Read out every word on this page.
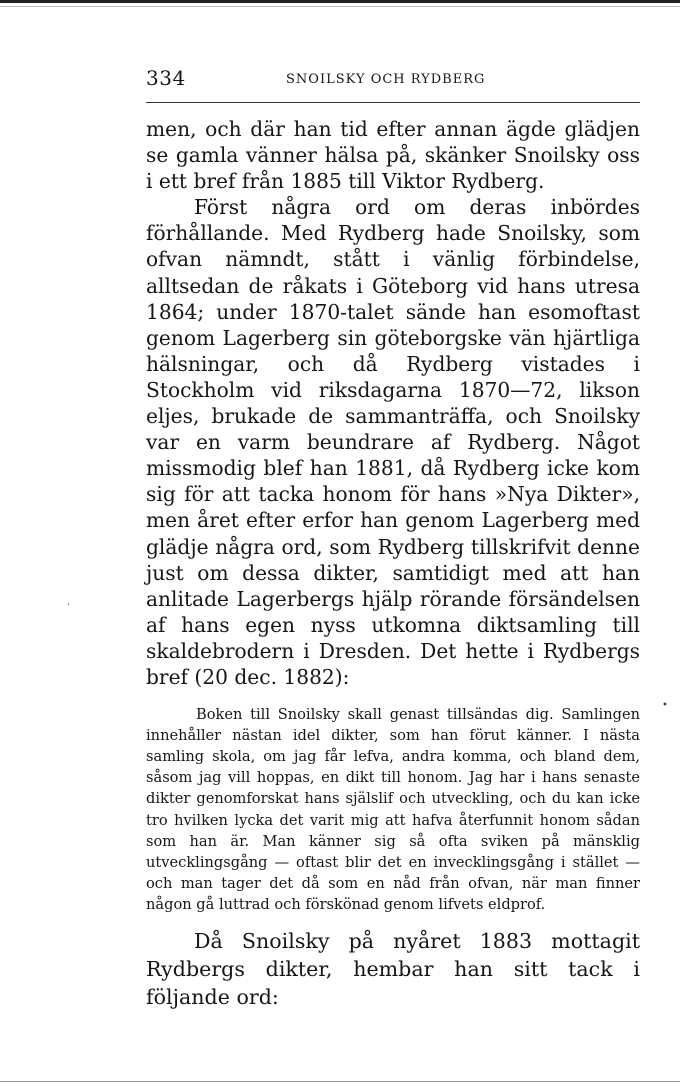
334	SNOILSKY OCH RYDBERG

men, och där han tid efter annan ägde glädjen se gamla vänner hälsa på, skänker Snoilsky oss i ett bref från 1885 till Viktor Rydberg.

Först några ord om deras inbördes förhållande. Med Rydberg hade Snoilsky, som ofvan nämndt, stått i vänlig förbindelse, alltsedan de råkats i Göteborg vid hans utresa 1864; under 1870-talet sände han esomoftast genom Lagerberg sin göteborgske vän hjärtliga hälsningar, och då Rydberg vistades i Stockholm vid riksdagarna 1870—72, likson eljes, brukade de sammanträffa, och Snoilsky var en varm beundrare af Rydberg. Något missmodig blef han 1881, då Rydberg icke kom sig för att tacka honom för hans »Nya Dikter», men året efter erfor han genom Lagerberg med glädje några ord, som Rydberg tillskrifvit denne just om dessa dikter, samtidigt med att han anlitade Lagerbergs hjälp rörande försändelsen af hans egen nyss utkomna diktsamling till skaldebrodern i Dresden. Det hette i Rydbergs bref (20 dec. 1882):

Boken till Snoilsky skall genast tillsändas dig. Samlingen innehåller nästan idel dikter, som han förut känner. I nästa samling skola, om jag får lefva, andra komma, och bland dem, såsom jag vill hoppas, en dikt till honom. Jag har i hans senaste dikter genomforskat hans själslif och utveckling, och du kan icke tro hvilken lycka det varit mig att hafva återfunnit honom sådan som han är. Man känner sig så ofta sviken på mänsklig utvecklingsgång — oftast blir det en invecklingsgång i stället — och man tager det då som en nåd från ofvan, när man finner någon gå luttrad och förskönad genom lifvets eldprof.

Då Snoilsky på nyåret 1883 mottagit Rydbergs dikter, hembar han sitt tack i följande ord:

·
•
